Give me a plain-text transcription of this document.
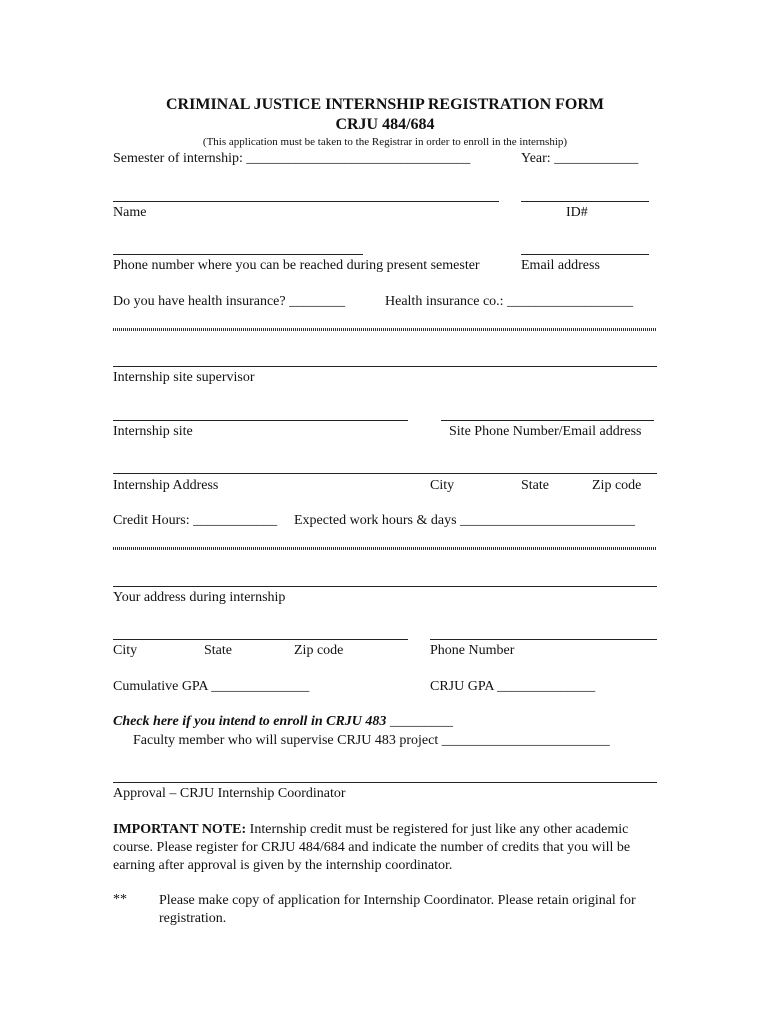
CRIMINAL JUSTICE INTERNSHIP REGISTRATION FORM
CRJU 484/684
(This application must be taken to the Registrar in order to enroll in the internship)
Semester of internship: ________________________________	Year: ____________
Name	ID#
Phone number where you can be reached during present semester	Email address
Do you have health insurance? ________	Health insurance co.: __________________
Internship site supervisor
Internship site	Site Phone Number/Email address
Internship Address	City	State	Zip code
Credit Hours: ____________ Expected work hours & days _________________________
Your address during internship
City	State	Zip code	Phone Number
Cumulative GPA ______________	CRJU GPA ______________
Check here if you intend to enroll in CRJU 483 _________
Faculty member who will supervise CRJU 483 project ________________________
Approval – CRJU Internship Coordinator
IMPORTANT NOTE: Internship credit must be registered for just like any other academic course. Please register for CRJU 484/684 and indicate the number of credits that you will be earning after approval is given by the internship coordinator.
** Please make copy of application for Internship Coordinator. Please retain original for registration.
